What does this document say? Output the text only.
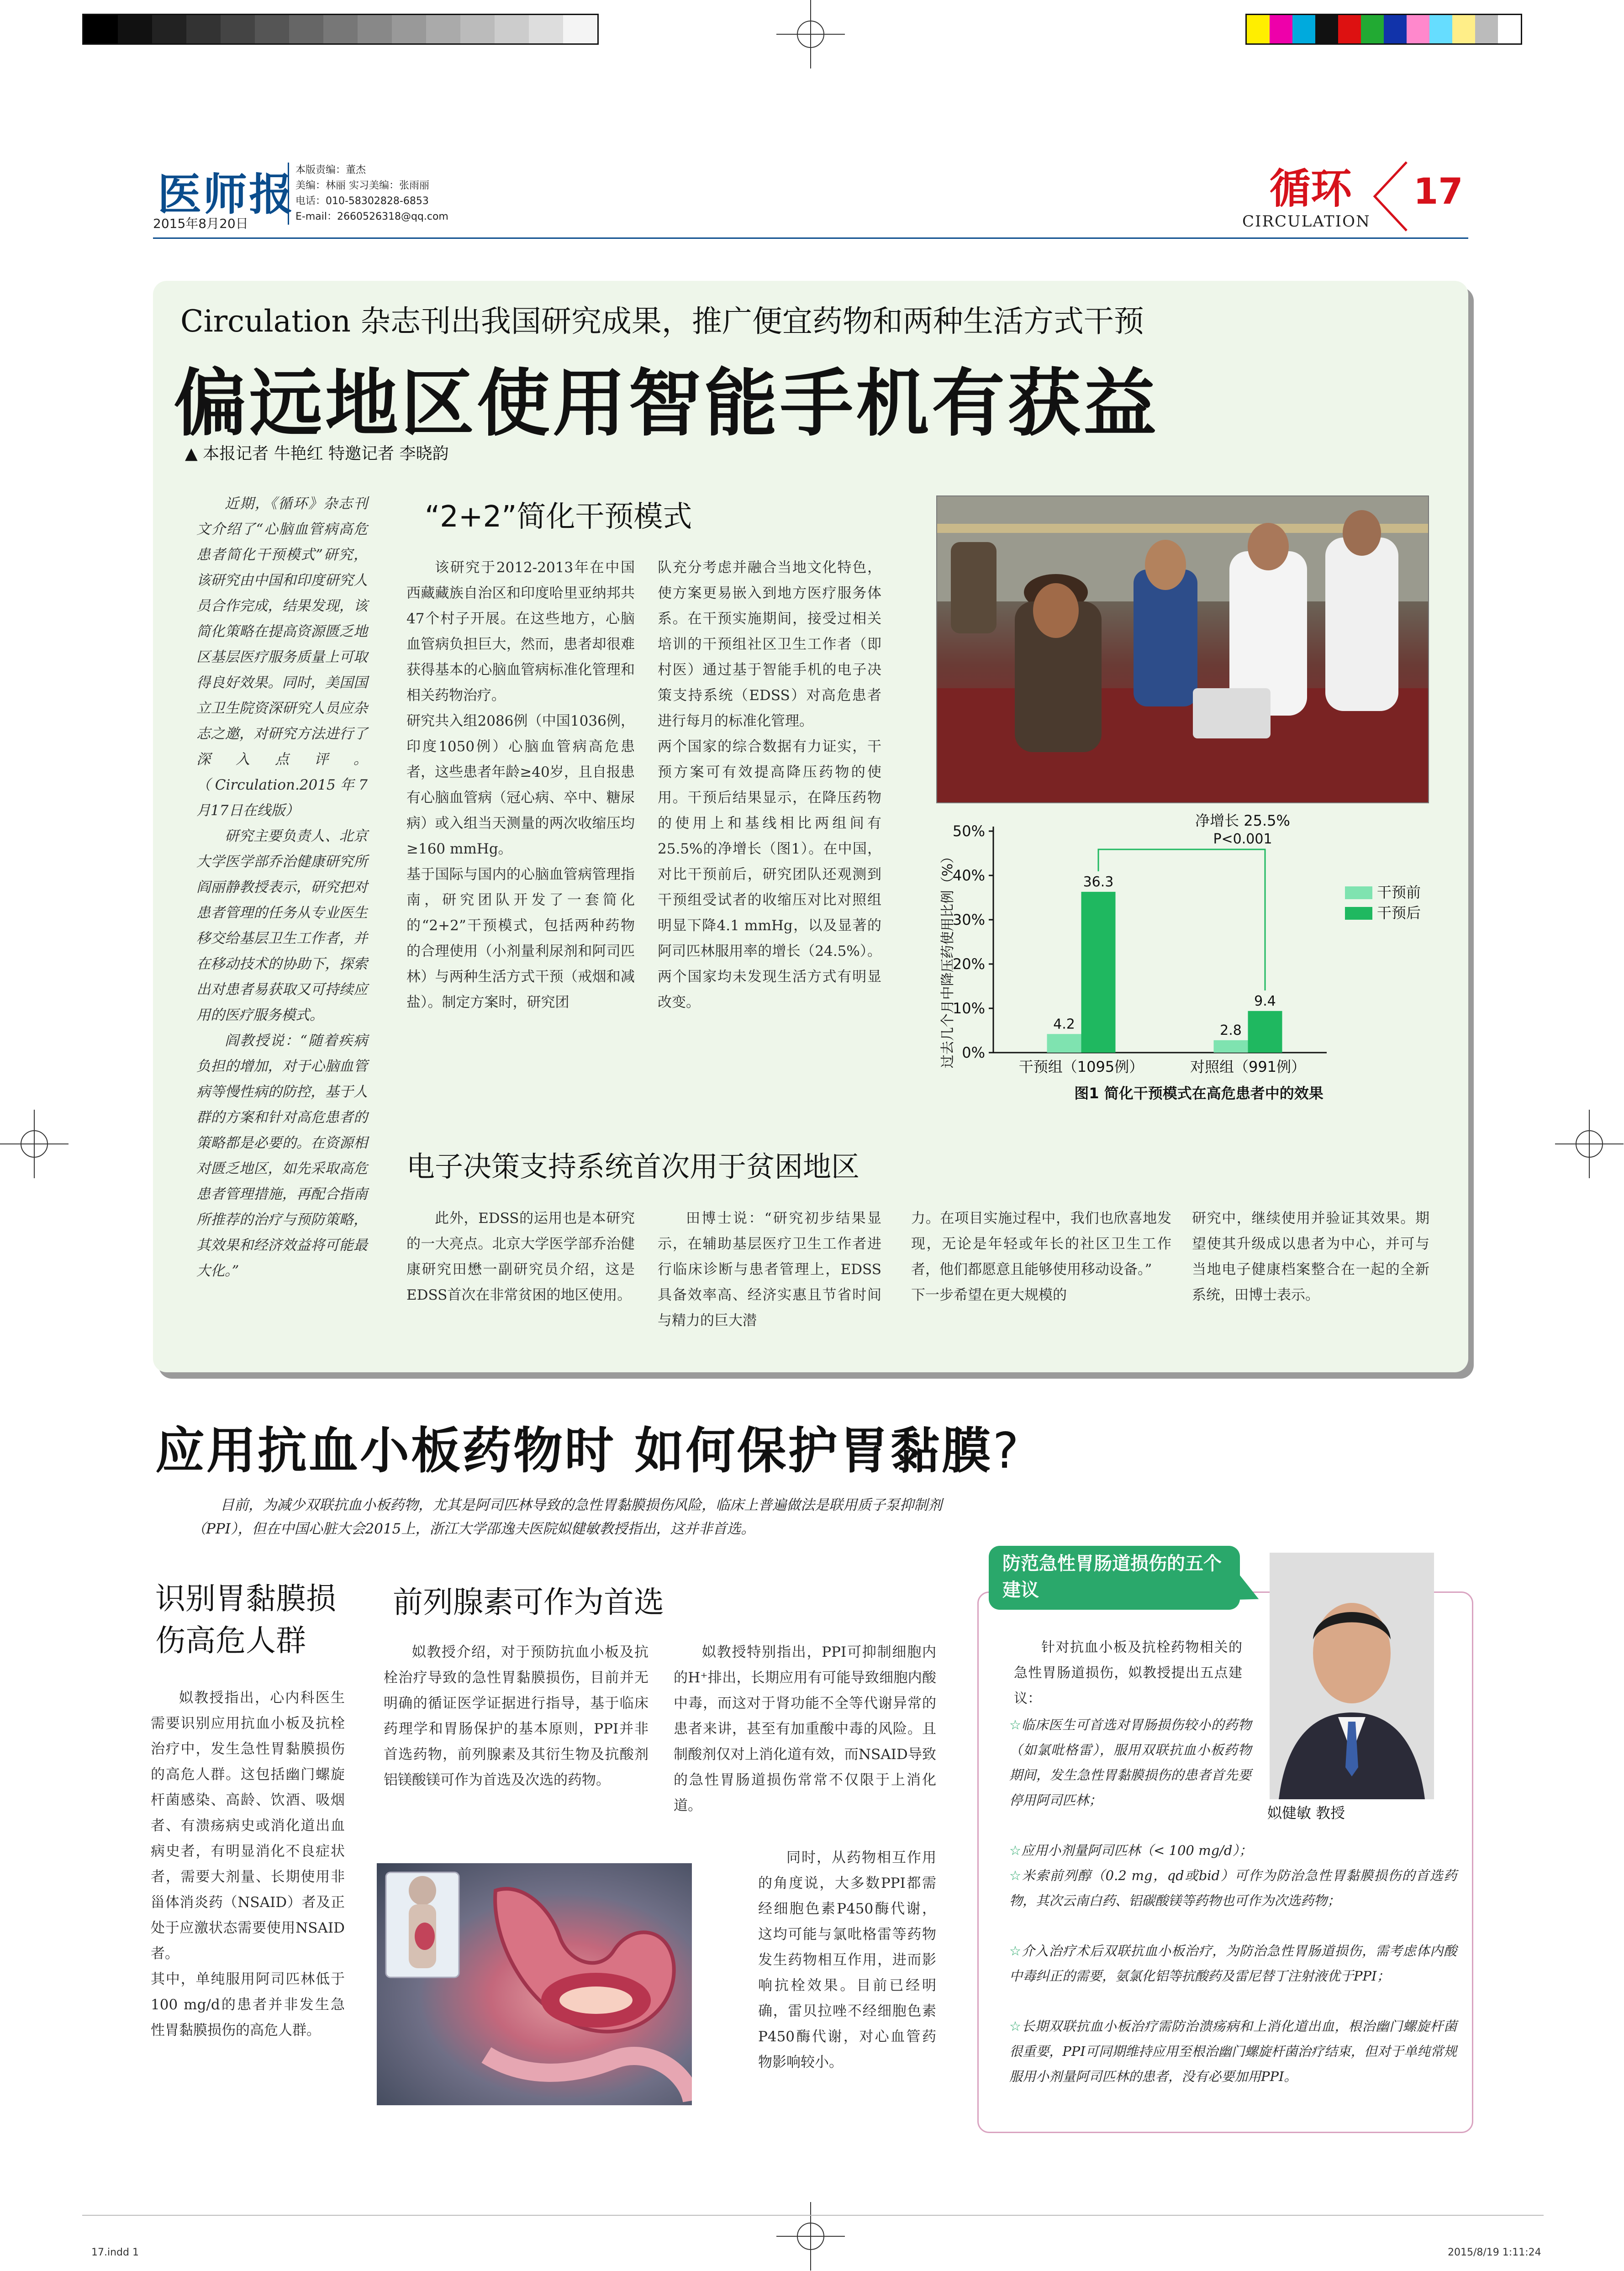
医师报
2015年8月20日
本版责编：董杰
美编：林丽 实习美编：张雨丽
电话：010-58302828-6853
E-mail：2660526318@qq.com
循环
CIRCULATION
17
Circulation 杂志刊出我国研究成果，推广便宜药物和两种生活方式干预
偏远地区使用智能手机有获益
▲ 本报记者 牛艳红 特邀记者 李晓韵
近期，《循环》杂志刊文介绍了“心脑血管病高危患者简化干预模式”研究，该研究由中国和印度研究人员合作完成，结果发现，该简化策略在提高资源匮乏地区基层医疗服务质量上可取得良好效果。同时，美国国立卫生院资深研究人员应杂志之邀，对研究方法进行了深入点评。（Circulation.2015年7月17日在线版）
研究主要负责人、北京大学医学部乔治健康研究所阎丽静教授表示，研究把对患者管理的任务从专业医生移交给基层卫生工作者，并在移动技术的协助下，探索出对患者易获取又可持续应用的医疗服务模式。
阎教授说：“随着疾病负担的增加，对于心脑血管病等慢性病的防控，基于人群的方案和针对高危患者的策略都是必要的。在资源相对匮乏地区，如先采取高危患者管理措施，再配合指南所推荐的治疗与预防策略，其效果和经济效益将可能最大化。”
“2+2”简化干预模式
该研究于2012-2013年在中国西藏藏族自治区和印度哈里亚纳邦共47个村子开展。在这些地方，心脑血管病负担巨大，然而，患者却很难获得基本的心脑血管病标准化管理和相关药物治疗。
研究共入组2086例（中国1036例，印度1050例）心脑血管病高危患者，这些患者年龄≥40岁，且自报患有心脑血管病（冠心病、卒中、糖尿病）或入组当天测量的两次收缩压均≥160 mmHg。
基于国际与国内的心脑血管病管理指南，研究团队开发了一套简化的“2+2”干预模式，包括两种药物的合理使用（小剂量利尿剂和阿司匹林）与两种生活方式干预（戒烟和减盐）。制定方案时，研究团
队充分考虑并融合当地文化特色，使方案更易嵌入到地方医疗服务体系。在干预实施期间，接受过相关培训的干预组社区卫生工作者（即村医）通过基于智能手机的电子决策支持系统（EDSS）对高危患者进行每月的标准化管理。
两个国家的综合数据有力证实，干预方案可有效提高降压药物的使用。干预后结果显示，在降压药物的使用上和基线相比两组间有25.5%的净增长（图1）。在中国，对比干预前后，研究团队还观测到干预组受试者的收缩压对比对照组明显下降4.1 mmHg，以及显著的阿司匹林服用率的增长（24.5%）。两个国家均未发现生活方式有明显改变。	过去几个月中降压药使用比例（%） 0%
10%
20%
30%
40%
50%
干预组（1095例）
4.2
36.3
对照组（991例）
2.8
9.4
干预前
干预后
净增长 25.5%
P<0.001
图1 简化干预模式在高危患者中的效果
电子决策支持系统首次用于贫困地区
此外，EDSS的运用也是本研究的一大亮点。北京大学医学部乔治健康研究田懋一副研究员介绍，这是EDSS首次在非常贫困的地区使用。
田博士说：“研究初步结果显示，在辅助基层医疗卫生工作者进行临床诊断与患者管理上，EDSS具备效率高、经济实惠且节省时间与精力的巨大潜
力。在项目实施过程中，我们也欣喜地发现，无论是年轻或年长的社区卫生工作者，他们都愿意且能够使用移动设备。”
下一步希望在更大规模的
研究中，继续使用并验证其效果。期望使其升级成以患者为中心，并可与当地电子健康档案整合在一起的全新系统，田博士表示。
应用抗血小板药物时 如何保护胃黏膜?
目前，为减少双联抗血小板药物，尤其是阿司匹林导致的急性胃黏膜损伤风险，临床上普遍做法是联用质子泵抑制剂（PPI），但在中国心脏大会2015上，浙江大学邵逸夫医院姒健敏教授指出，这并非首选。
识别胃黏膜损
伤高危人群
前列腺素可作为首选
姒教授指出，心内科医生需要识别应用抗血小板及抗栓治疗中，发生急性胃黏膜损伤的高危人群。这包括幽门螺旋杆菌感染、高龄、饮酒、吸烟者、有溃疡病史或消化道出血病史者，有明显消化不良症状者，需要大剂量、长期使用非甾体消炎药（NSAID）者及正处于应激状态需要使用NSAID者。
其中，单纯服用阿司匹林低于100 mg/d的患者并非发生急性胃黏膜损伤的高危人群。
姒教授介绍，对于预防抗血小板及抗栓治疗导致的急性胃黏膜损伤，目前并无明确的循证医学证据进行指导，基于临床药理学和胃肠保护的基本原则，PPI并非首选药物，前列腺素及其衍生物及抗酸剂铝镁酸镁可作为首选及次选的药物。
姒教授特别指出，PPI可抑制细胞内的H⁺排出，长期应用有可能导致细胞内酸中毒，而这对于肾功能不全等代谢异常的患者来讲，甚至有加重酸中毒的风险。且制酸剂仅对上消化道有效，而NSAID导致的急性胃肠道损伤常常不仅限于上消化道。
同时，从药物相互作用的角度说，大多数PPI都需经细胞色素P450酶代谢，这均可能与氯吡格雷等药物发生药物相互作用，进而影响抗栓效果。目前已经明确，雷贝拉唑不经细胞色素P450酶代谢，对心血管药物影响较小。
防范急性胃肠道损伤的五个建议
姒健敏 教授
针对抗血小板及抗栓药物相关的急性胃肠道损伤，姒教授提出五点建议：
☆临床医生可首选对胃肠损伤较小的药物（如氯吡格雷），服用双联抗血小板药物期间，发生急性胃黏膜损伤的患者首先要停用阿司匹林；
☆应用小剂量阿司匹林（< 100 mg/d）；
☆米索前列醇（0.2 mg，qd或bid）可作为防治急性胃黏膜损伤的首选药物，其次云南白药、铝碳酸镁等药物也可作为次选药物；
☆介入治疗术后双联抗血小板治疗，为防治急性胃肠道损伤，需考虑体内酸中毒纠正的需要，氨氯化铝等抗酸药及雷尼替丁注射液优于PPI；
☆长期双联抗血小板治疗需防治溃疡病和上消化道出血，根治幽门螺旋杆菌很重要，PPI可同期维持应用至根治幽门螺旋杆菌治疗结束，但对于单纯常规服用小剂量阿司匹林的患者，没有必要加用PPI。
17.indd 1	2015/8/19 1:11:24
